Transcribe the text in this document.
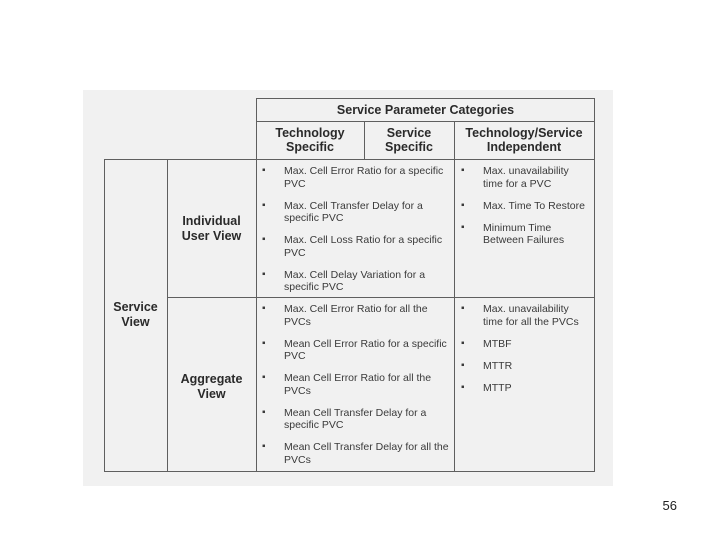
Service Parameter Categories
Technology
Specific
Service
Specific
Technology/Service
Independent
Service
View
Individual
User View
Aggregate
View
▪ Max. Cell Error Ratio for a specific PVC
▪ Max. Cell Transfer Delay for a specific PVC
▪ Max. Cell Loss Ratio for a specific PVC
▪ Max. Cell Delay Variation for a specific PVC
▪ Max. unavailability time for a PVC
▪ Max. Time To Restore
▪ Minimum Time Between Failures
▪ Max. Cell Error Ratio for all the PVCs
▪ Mean Cell Error Ratio for a specific PVC
▪ Mean Cell Error Ratio for all the PVCs
▪ Mean Cell Transfer Delay for a specific PVC
▪ Mean Cell Transfer Delay for all the PVCs
▪ Max. unavailability time for all the PVCs
▪ MTBF
▪ MTTR
▪ MTTP
56
